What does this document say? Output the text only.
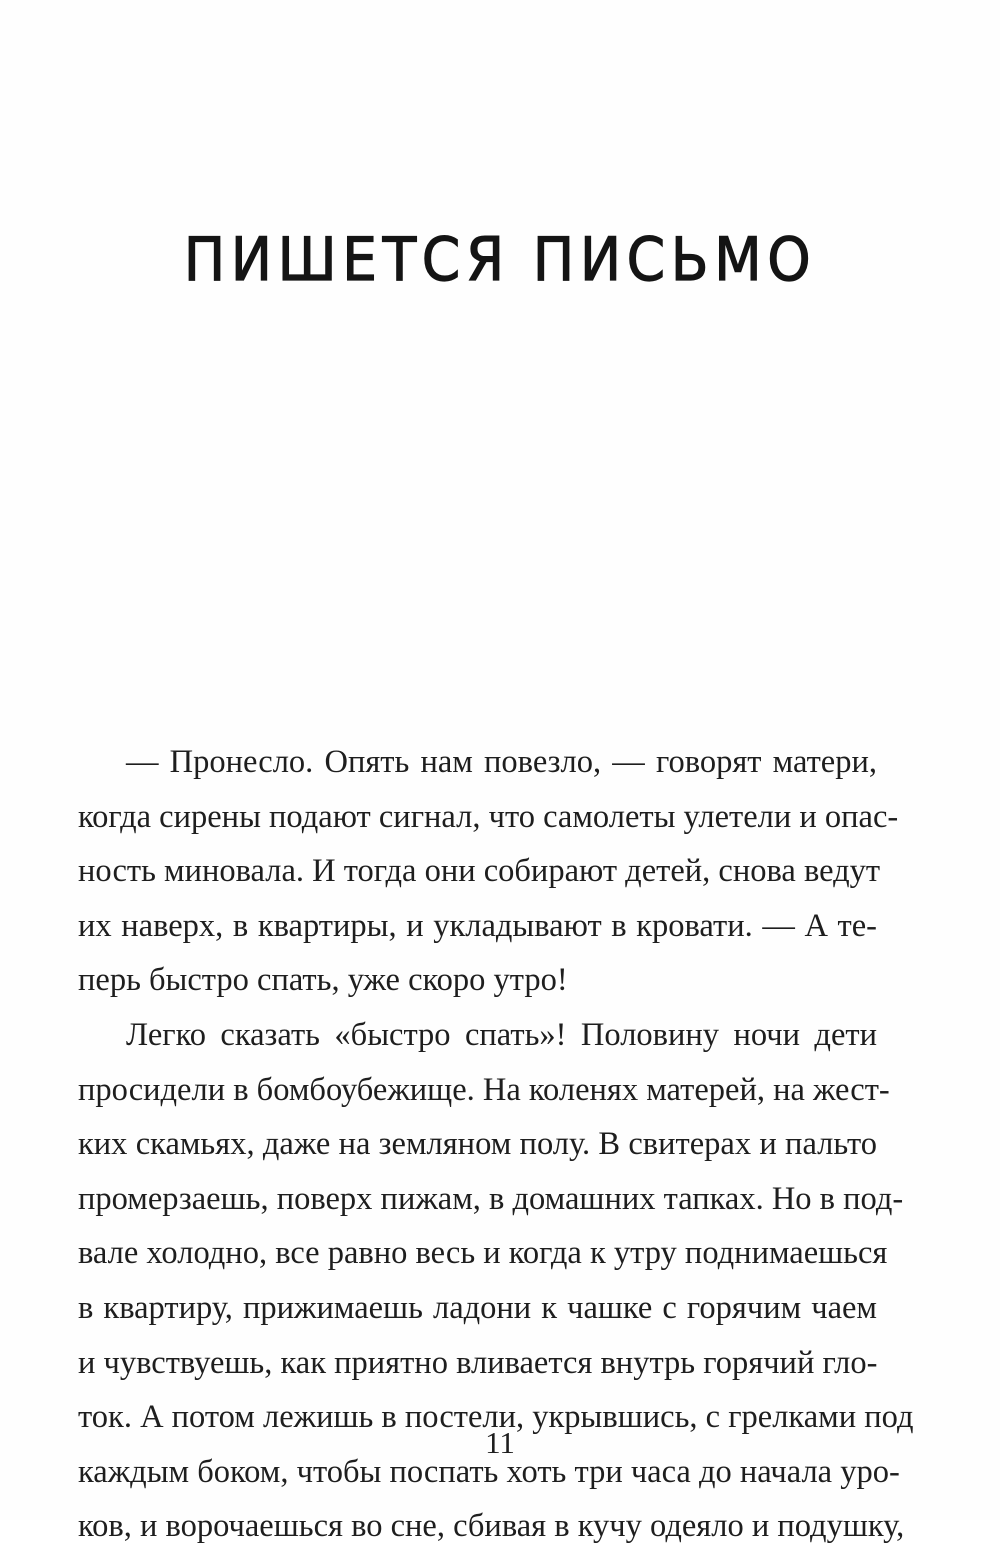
ПИШЕТСЯ ПИСЬМО

— Пронесло. Опять нам повезло, — говорят матери,
когда сирены подают сигнал, что самолеты улетели и опас-
ность миновала. И тогда они собирают детей, снова ведут
их наверх, в квартиры, и укладывают в кровати. — А те-
перь быстро спать, уже скоро утро!

Легко сказать «быстро спать»! Половину ночи дети
просидели в бомбоубежище. На коленях матерей, на жест-
ких скамьях, даже на земляном полу. В свитерах и пальто
промерзаешь, поверх пижам, в домашних тапках. Но в под-
вале холодно, все равно весь и когда к утру поднимаешься
в квартиру, прижимаешь ладони к чашке с горячим чаем
и чувствуешь, как приятно вливается внутрь горячий гло-
ток. А потом лежишь в постели, укрывшись, с грелками под
каждым боком, чтобы поспать хоть три часа до начала уро-
ков, и ворочаешься во сне, сбивая в кучу одеяло и подушку,

11
